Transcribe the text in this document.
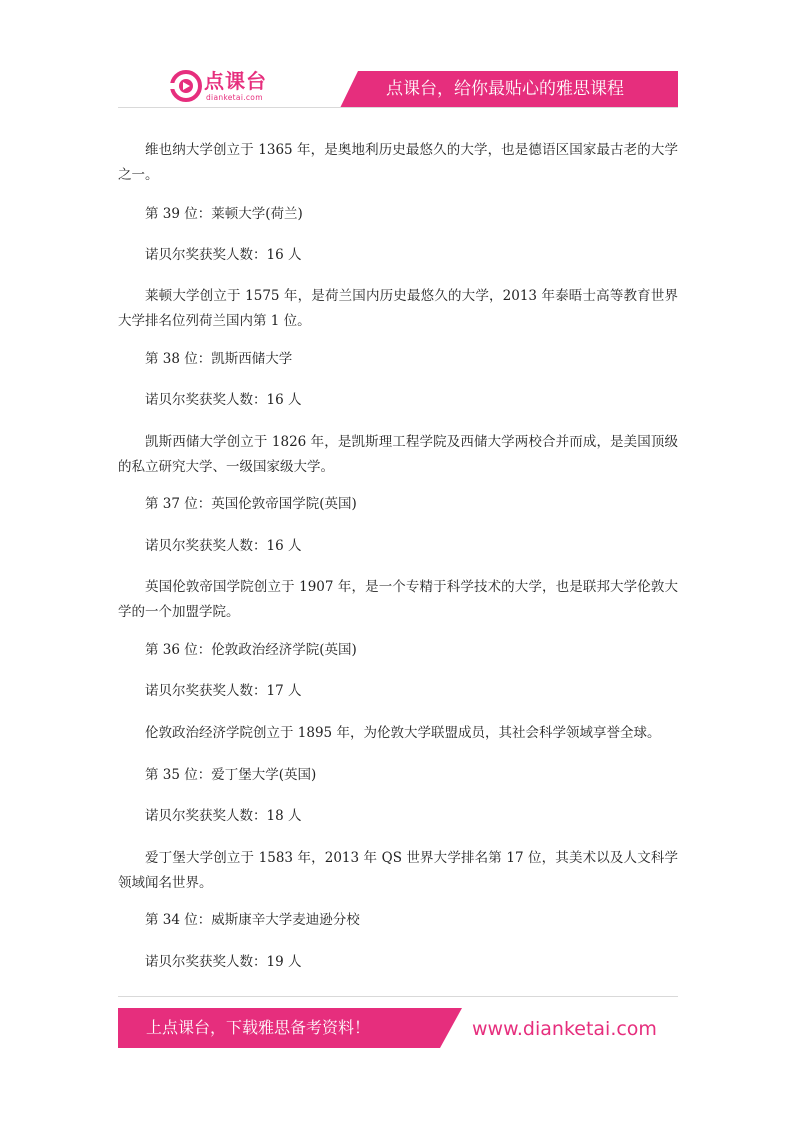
点课台
dianketai.com	点课台，给你最贴心的雅思课程

维也纳大学创立于 1365 年，是奥地利历史最悠久的大学，也是德语区国家最古老的大学之一。

第 39 位：莱顿大学(荷兰)

诺贝尔奖获奖人数：16 人

莱顿大学创立于 1575 年，是荷兰国内历史最悠久的大学，2013 年泰晤士高等教育世界大学排名位列荷兰国内第 1 位。

第 38 位：凯斯西储大学

诺贝尔奖获奖人数：16 人

凯斯西储大学创立于 1826 年，是凯斯理工程学院及西储大学两校合并而成，是美国顶级的私立研究大学、一级国家级大学。

第 37 位：英国伦敦帝国学院(英国)

诺贝尔奖获奖人数：16 人

英国伦敦帝国学院创立于 1907 年，是一个专精于科学技术的大学，也是联邦大学伦敦大学的一个加盟学院。

第 36 位：伦敦政治经济学院(英国)

诺贝尔奖获奖人数：17 人

伦敦政治经济学院创立于 1895 年，为伦敦大学联盟成员，其社会科学领域享誉全球。

第 35 位：爱丁堡大学(英国)

诺贝尔奖获奖人数：18 人

爱丁堡大学创立于 1583 年，2013 年 QS 世界大学排名第 17 位，其美术以及人文科学领域闻名世界。

第 34 位：威斯康辛大学麦迪逊分校

诺贝尔奖获奖人数：19 人

上点课台，下载雅思备考资料！	www.dianketai.com
